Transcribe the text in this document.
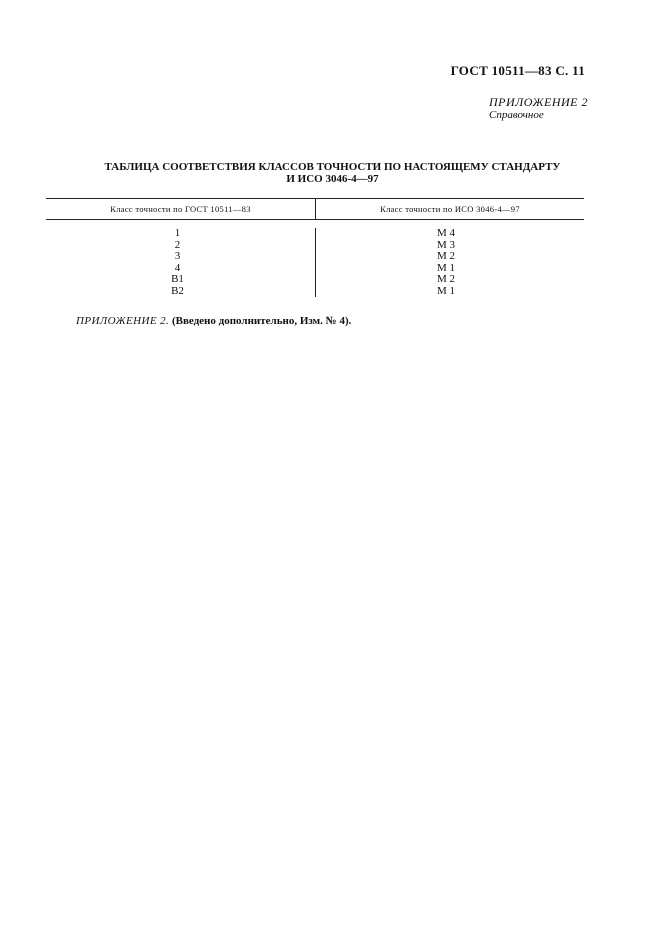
ГОСТ 10511—83 С. 11
ПРИЛОЖЕНИЕ 2
Справочное
ТАБЛИЦА СООТВЕТСТВИЯ КЛАССОВ ТОЧНОСТИ ПО НАСТОЯЩЕМУ СТАНДАРТУ
И ИСО 3046-4—97
Класс точности по ГОСТ 10511—83	Класс точности по ИСО 3046-4—97
1
2
3
4
В1
В2
М 4
М 3
М 2
М 1
М 2
М 1
ПРИЛОЖЕНИЕ 2. (Введено дополнительно, Изм. № 4).
